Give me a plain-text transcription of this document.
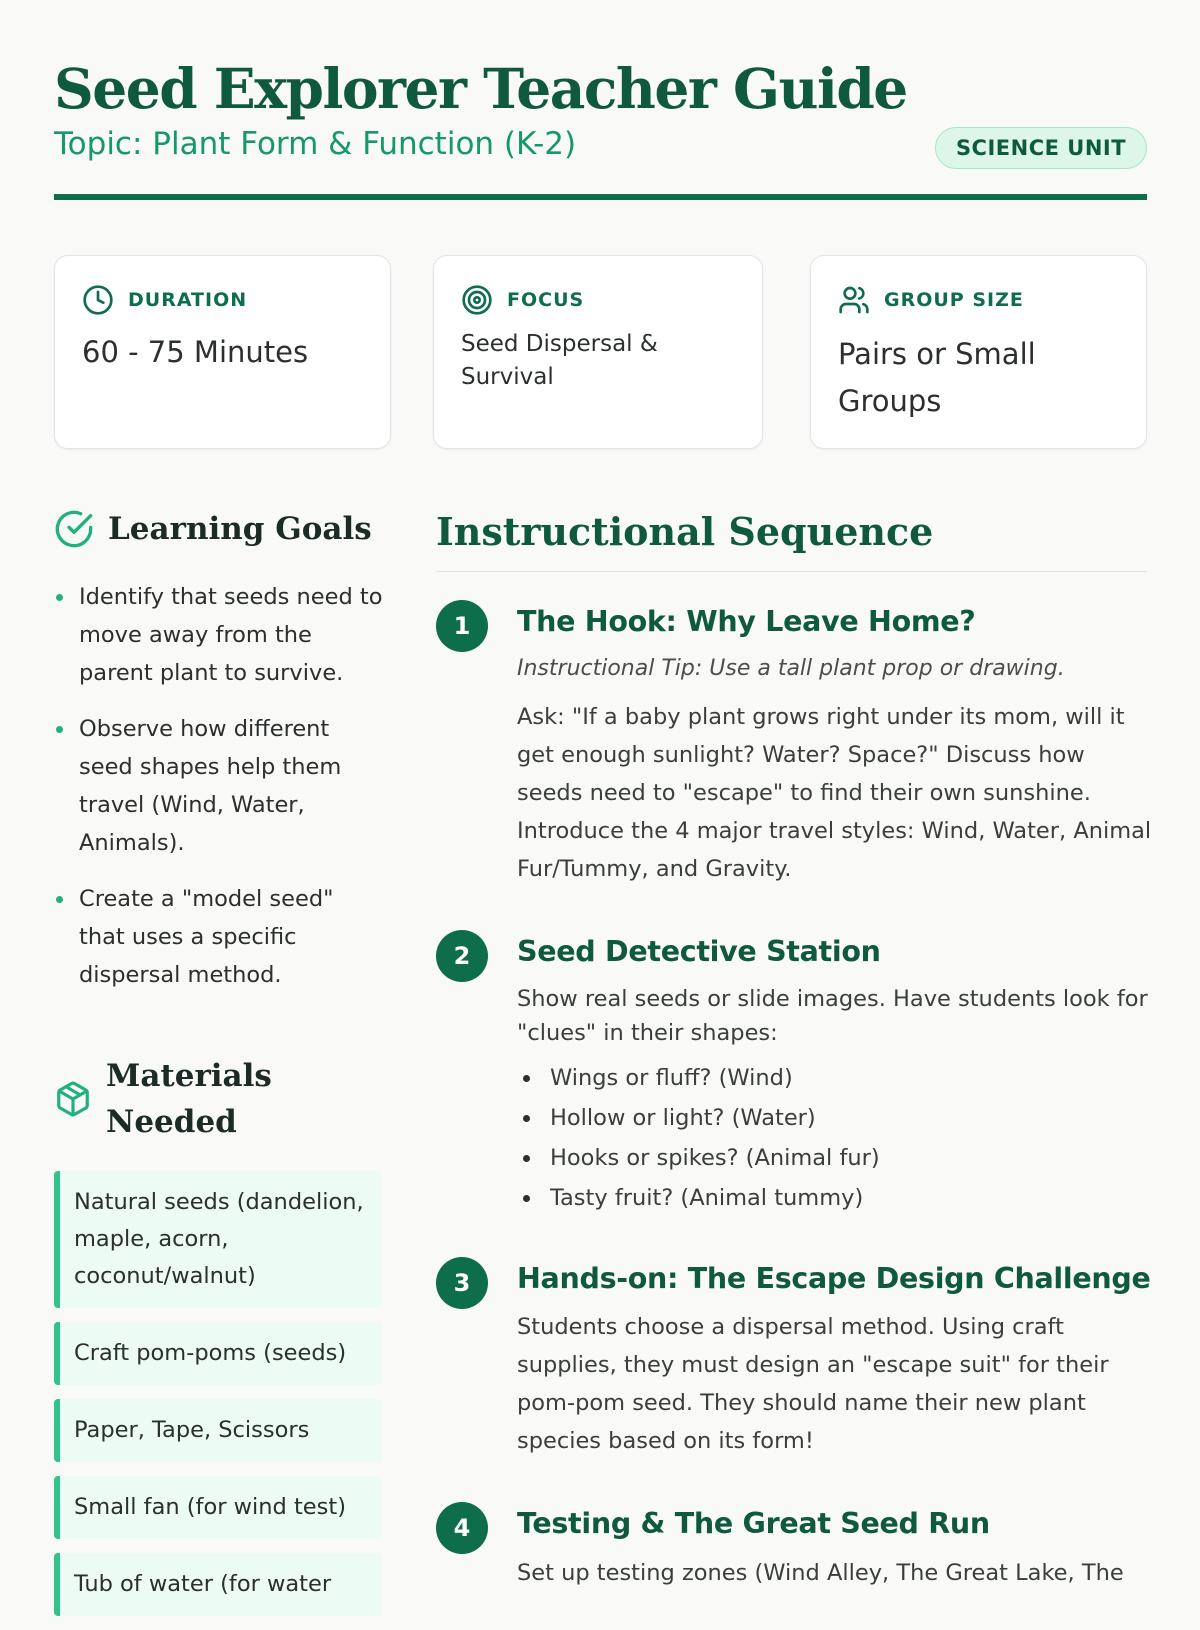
Seed Explorer Teacher Guide
Topic: Plant Form & Function (K-2)	SCIENCE UNIT
DURATION
60 - 75 Minutes
FOCUS
Seed Dispersal & Survival
GROUP SIZE
Pairs or Small Groups
Learning Goals
Identify that seeds need to move away from the parent plant to survive.
Observe how different seed shapes help them travel (Wind, Water, Animals).
Create a "model seed" that uses a specific dispersal method.
Materials Needed
Natural seeds (dandelion, maple, acorn, coconut/walnut)
Craft pom-poms (seeds)
Paper, Tape, Scissors
Small fan (for wind test)
Tub of water (for water
Instructional Sequence
1	The Hook: Why Leave Home?
Instructional Tip: Use a tall plant prop or drawing.
Ask: "If a baby plant grows right under its mom, will it get enough sunlight? Water? Space?" Discuss how seeds need to "escape" to find their own sunshine. Introduce the 4 major travel styles: Wind, Water, Animal Fur/Tummy, and Gravity.
2	Seed Detective Station
Show real seeds or slide images. Have students look for "clues" in their shapes:
Wings or fluff? (Wind)
Hollow or light? (Water)
Hooks or spikes? (Animal fur)
Tasty fruit? (Animal tummy)
3	Hands-on: The Escape Design Challenge
Students choose a dispersal method. Using craft supplies, they must design an "escape suit" for their pom-pom seed. They should name their new plant species based on its form!
4	Testing & The Great Seed Run
Set up testing zones (Wind Alley, The Great Lake, The
